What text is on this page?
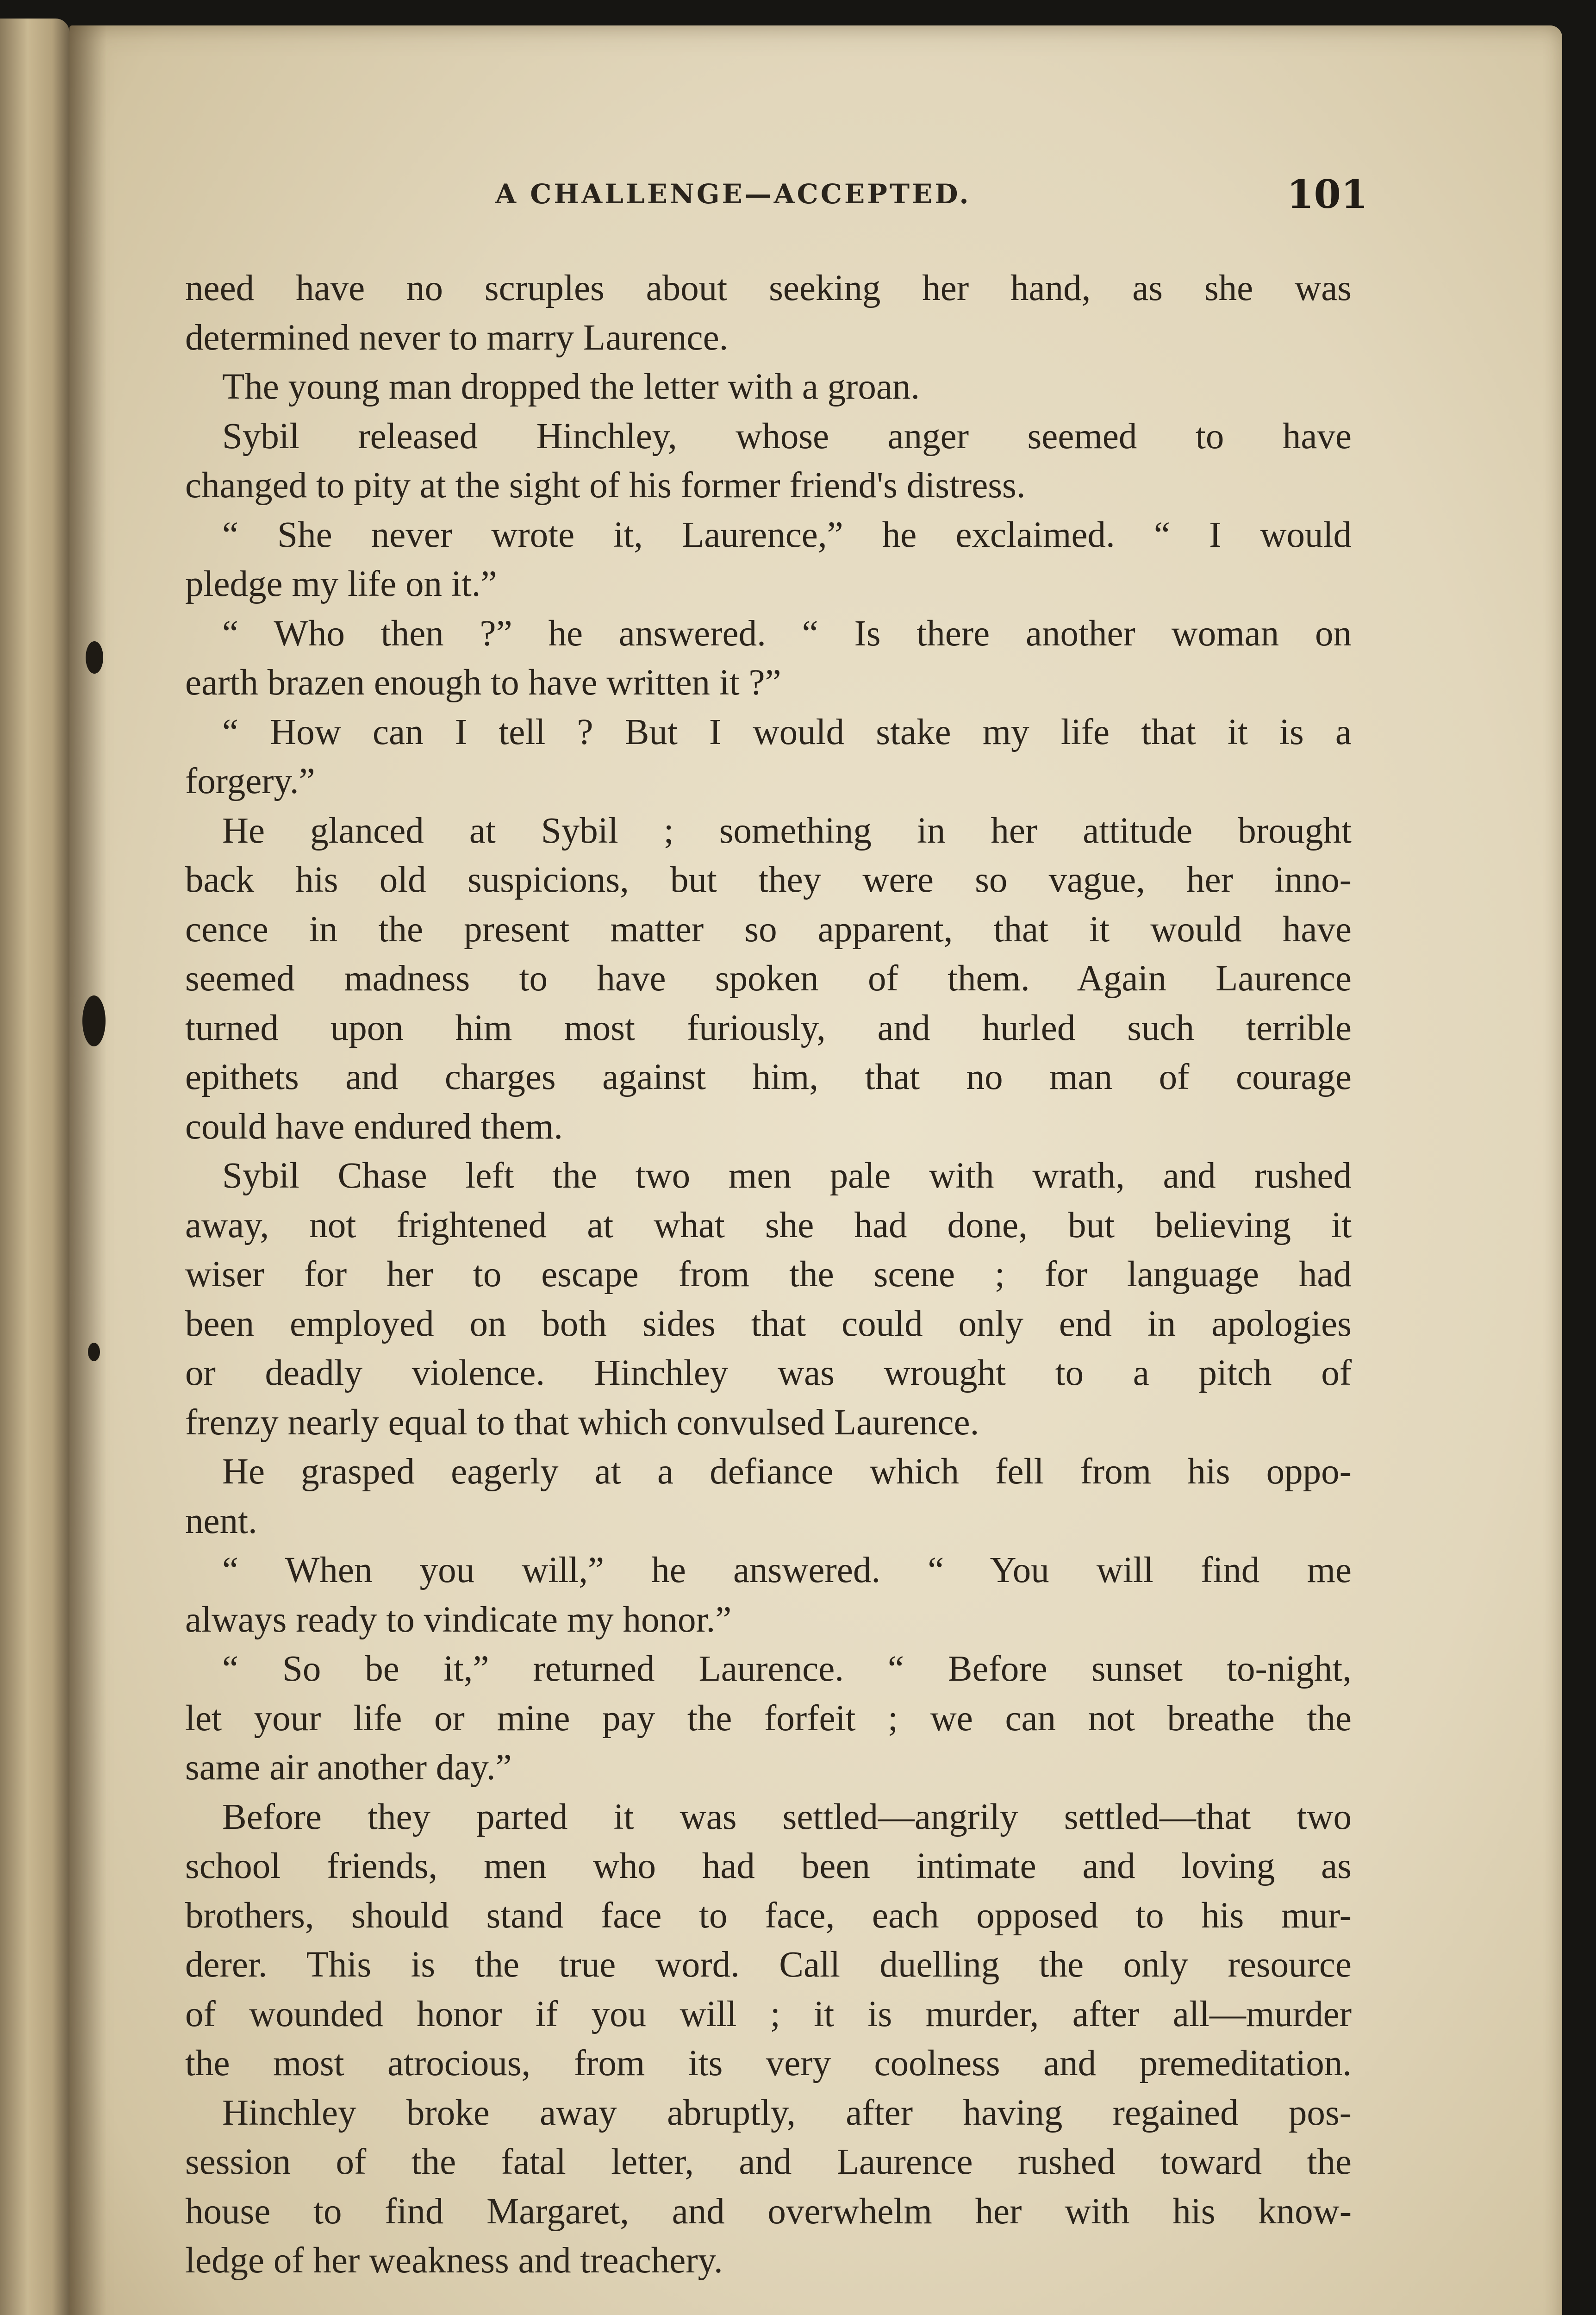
A CHALLENGE—ACCEPTED.	101
need have no scruples about seeking her hand, as she was
determined never to marry Laurence.
The young man dropped the letter with a groan.
Sybil released Hinchley, whose anger seemed to have
changed to pity at the sight of his former friend's distress.
“ She never wrote it, Laurence,” he exclaimed. “ I would
pledge my life on it.”
“ Who then ?” he answered. “ Is there another woman on
earth brazen enough to have written it ?”
“ How can I tell ? But I would stake my life that it is a
forgery.”
He glanced at Sybil ; something in her attitude brought
back his old suspicions, but they were so vague, her inno-
cence in the present matter so apparent, that it would have
seemed madness to have spoken of them. Again Laurence
turned upon him most furiously, and hurled such terrible
epithets and charges against him, that no man of courage
could have endured them.
Sybil Chase left the two men pale with wrath, and rushed
away, not frightened at what she had done, but believing it
wiser for her to escape from the scene ; for language had
been employed on both sides that could only end in apologies
or deadly violence. Hinchley was wrought to a pitch of
frenzy nearly equal to that which convulsed Laurence.
He grasped eagerly at a defiance which fell from his oppo-
nent.
“ When you will,” he answered. “ You will find me
always ready to vindicate my honor.”
“ So be it,” returned Laurence. “ Before sunset to-night,
let your life or mine pay the forfeit ; we can not breathe the
same air another day.”
Before they parted it was settled—angrily settled—that two
school friends, men who had been intimate and loving as
brothers, should stand face to face, each opposed to his mur-
derer. This is the true word. Call duelling the only resource
of wounded honor if you will ; it is murder, after all—murder
the most atrocious, from its very coolness and premeditation.
Hinchley broke away abruptly, after having regained pos-
session of the fatal letter, and Laurence rushed toward the
house to find Margaret, and overwhelm her with his know-
ledge of her weakness and treachery.
